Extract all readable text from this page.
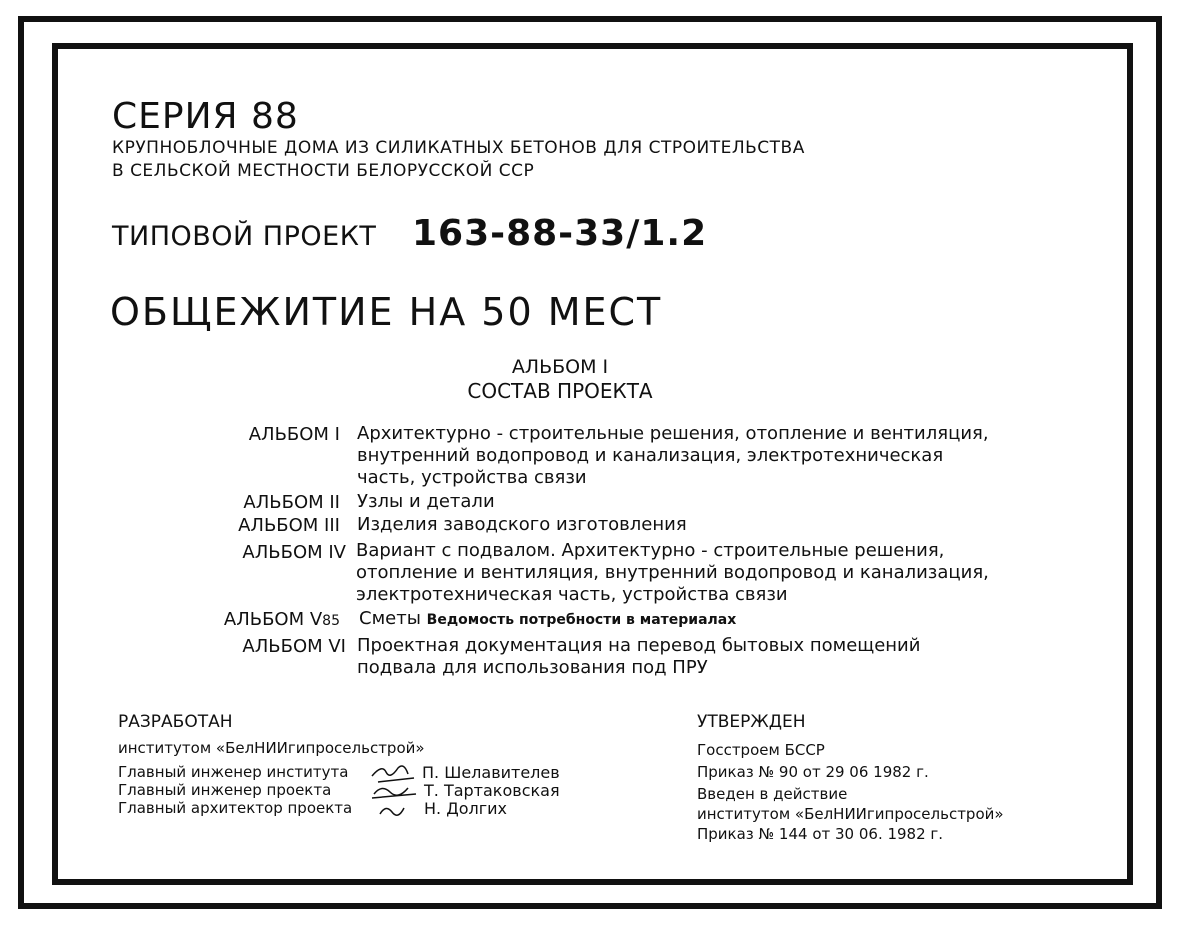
СЕРИЯ 88
КРУПНОБЛОЧНЫЕ ДОМА ИЗ СИЛИКАТНЫХ БЕТОНОВ ДЛЯ СТРОИТЕЛЬСТВА
В СЕЛЬСКОЙ МЕСТНОСТИ БЕЛОРУССКОЙ ССР
ТИПОВОЙ ПРОЕКТ 163-88-33/1.2
ОБЩЕЖИТИЕ НА 50 МЕСТ
АЛЬБОМ I
СОСТАВ ПРОЕКТА
АЛЬБОМ I Архитектурно - строительные решения, отопление и вентиляция,
внутренний водопровод и канализация, электротехническая
часть, устройства связи
АЛЬБОМ II Узлы и детали
АЛЬБОМ III Изделия заводского изготовления
АЛЬБОМ IV Вариант с подвалом. Архитектурно - строительные решения,
отопление и вентиляция, внутренний водопровод и канализация,
электротехническая часть, устройства связи
АЛЬБОМ V85 Сметы Ведомость потребности в материалах
АЛЬБОМ VI Проектная документация на перевод бытовых помещений
подвала для использования под ПРУ
РАЗРАБОТАН
институтом «БелНИИгипросельстрой»
Главный инженер института
Главный инженер проекта
Главный архитектор проекта
П. Шелавителев
Т. Тартаковская
Н. Долгих
УТВЕРЖДЕН
Госстроем БССР
Приказ № 90 от 29 06 1982 г.
Введен в действие
институтом «БелНИИгипросельстрой»
Приказ № 144 от 30 06. 1982 г.
